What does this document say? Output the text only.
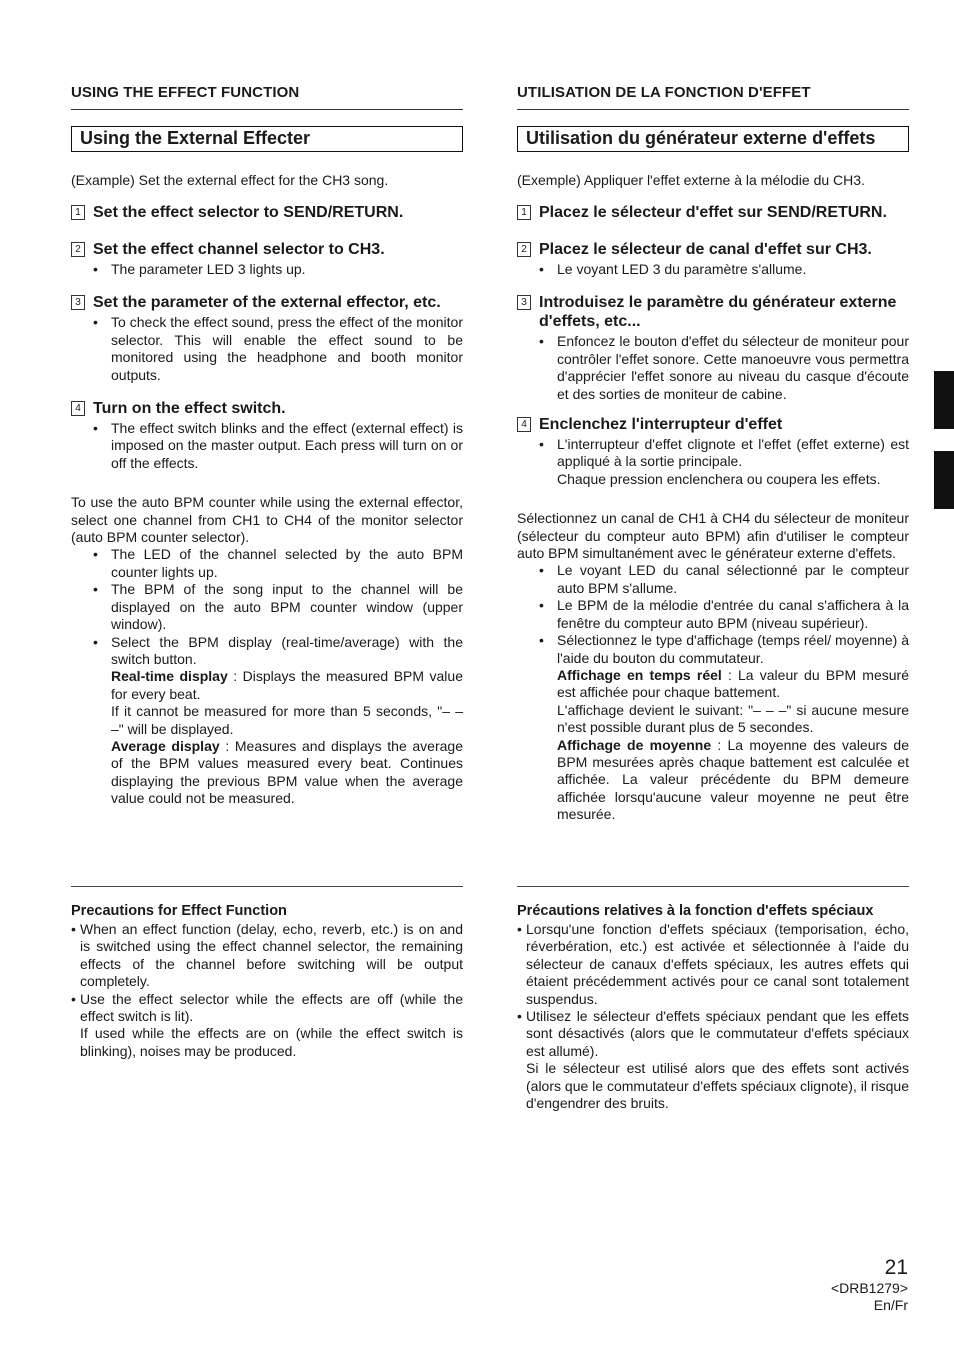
USING THE EFFECT FUNCTION
Using the External Effecter
(Example) Set the external effect for the CH3 song.
1 Set the effect selector to SEND/RETURN.
2 Set the effect channel selector to CH3.
• The parameter LED 3 lights up.
3 Set the parameter of the external effector, etc.
• To check the effect sound, press the effect of the monitor selector. This will enable the effect sound to be monitored using the headphone and booth monitor outputs.
4 Turn on the effect switch.
• The effect switch blinks and the effect (external effect) is imposed on the master output. Each press will turn on or off the effects.
To use the auto BPM counter while using the external effector, select one channel from CH1 to CH4 of the monitor selector (auto BPM counter selector).
• The LED of the channel selected by the auto BPM counter lights up.
• The BPM of the song input to the channel will be displayed on the auto BPM counter window (upper window).
• Select the BPM display (real-time/average) with the switch button.
Real-time display : Displays the measured BPM value for every beat.
If it cannot be measured for more than 5 seconds, "– – –" will be displayed.
Average display : Measures and displays the average of the BPM values measured every beat. Continues displaying the previous BPM value when the average value could not be measured.
UTILISATION DE LA FONCTION D'EFFET
Utilisation du générateur externe d'effets
(Exemple) Appliquer l'effet externe à la mélodie du CH3.
1 Placez le sélecteur d'effet sur SEND/RETURN.
2 Placez le sélecteur de canal d'effet sur CH3.
• Le voyant LED 3 du paramètre s'allume.
3 Introduisez le paramètre du générateur externe d'effets, etc...
• Enfoncez le bouton d'effet du sélecteur de moniteur pour contrôler l'effet sonore. Cette manoeuvre vous permettra d'apprécier l'effet sonore au niveau du casque d'écoute et des sorties de moniteur de cabine.
4 Enclenchez l'interrupteur d'effet
• L'interrupteur d'effet clignote et l'effet (effet externe) est appliqué à la sortie principale.
Chaque pression enclenchera ou coupera les effets.
Sélectionnez un canal de CH1 à CH4 du sélecteur de moniteur (sélecteur du compteur auto BPM) afin d'utiliser le compteur auto BPM simultanément avec le générateur externe d'effets.
• Le voyant LED du canal sélectionné par le compteur auto BPM s'allume.
• Le BPM de la mélodie d'entrée du canal s'affichera à la fenêtre du compteur auto BPM (niveau supérieur).
• Sélectionnez le type d'affichage (temps réel/ moyenne) à l'aide du bouton du commutateur.
Affichage en temps réel : La valeur du BPM mesuré est affichée pour chaque battement.
L'affichage devient le suivant: "– – –" si aucune mesure n'est possible durant plus de 5 secondes.
Affichage de moyenne : La moyenne des valeurs de BPM mesurées après chaque battement est calculée et affichée. La valeur précédente du BPM demeure affichée lorsqu'aucune valeur moyenne ne peut être mesurée.
Precautions for Effect Function
• When an effect function (delay, echo, reverb, etc.) is on and is switched using the effect channel selector, the remaining effects of the channel before switching will be output completely.
• Use the effect selector while the effects are off (while the effect switch is lit).
If used while the effects are on (while the effect switch is blinking), noises may be produced.
Précautions relatives à la fonction d'effets spéciaux
• Lorsqu'une fonction d'effets spéciaux (temporisation, écho, réverbération, etc.) est activée et sélectionnée à l'aide du sélecteur de canaux d'effets spéciaux, les autres effets qui étaient précédemment activés pour ce canal sont totalement suspendus.
• Utilisez le sélecteur d'effets spéciaux pendant que les effets sont désactivés (alors que le commutateur d'effets spéciaux est allumé).
Si le sélecteur est utilisé alors que des effets sont activés (alors que le commutateur d'effets spéciaux clignote), il risque d'engendrer des bruits.
21
<DRB1279>
En/Fr
